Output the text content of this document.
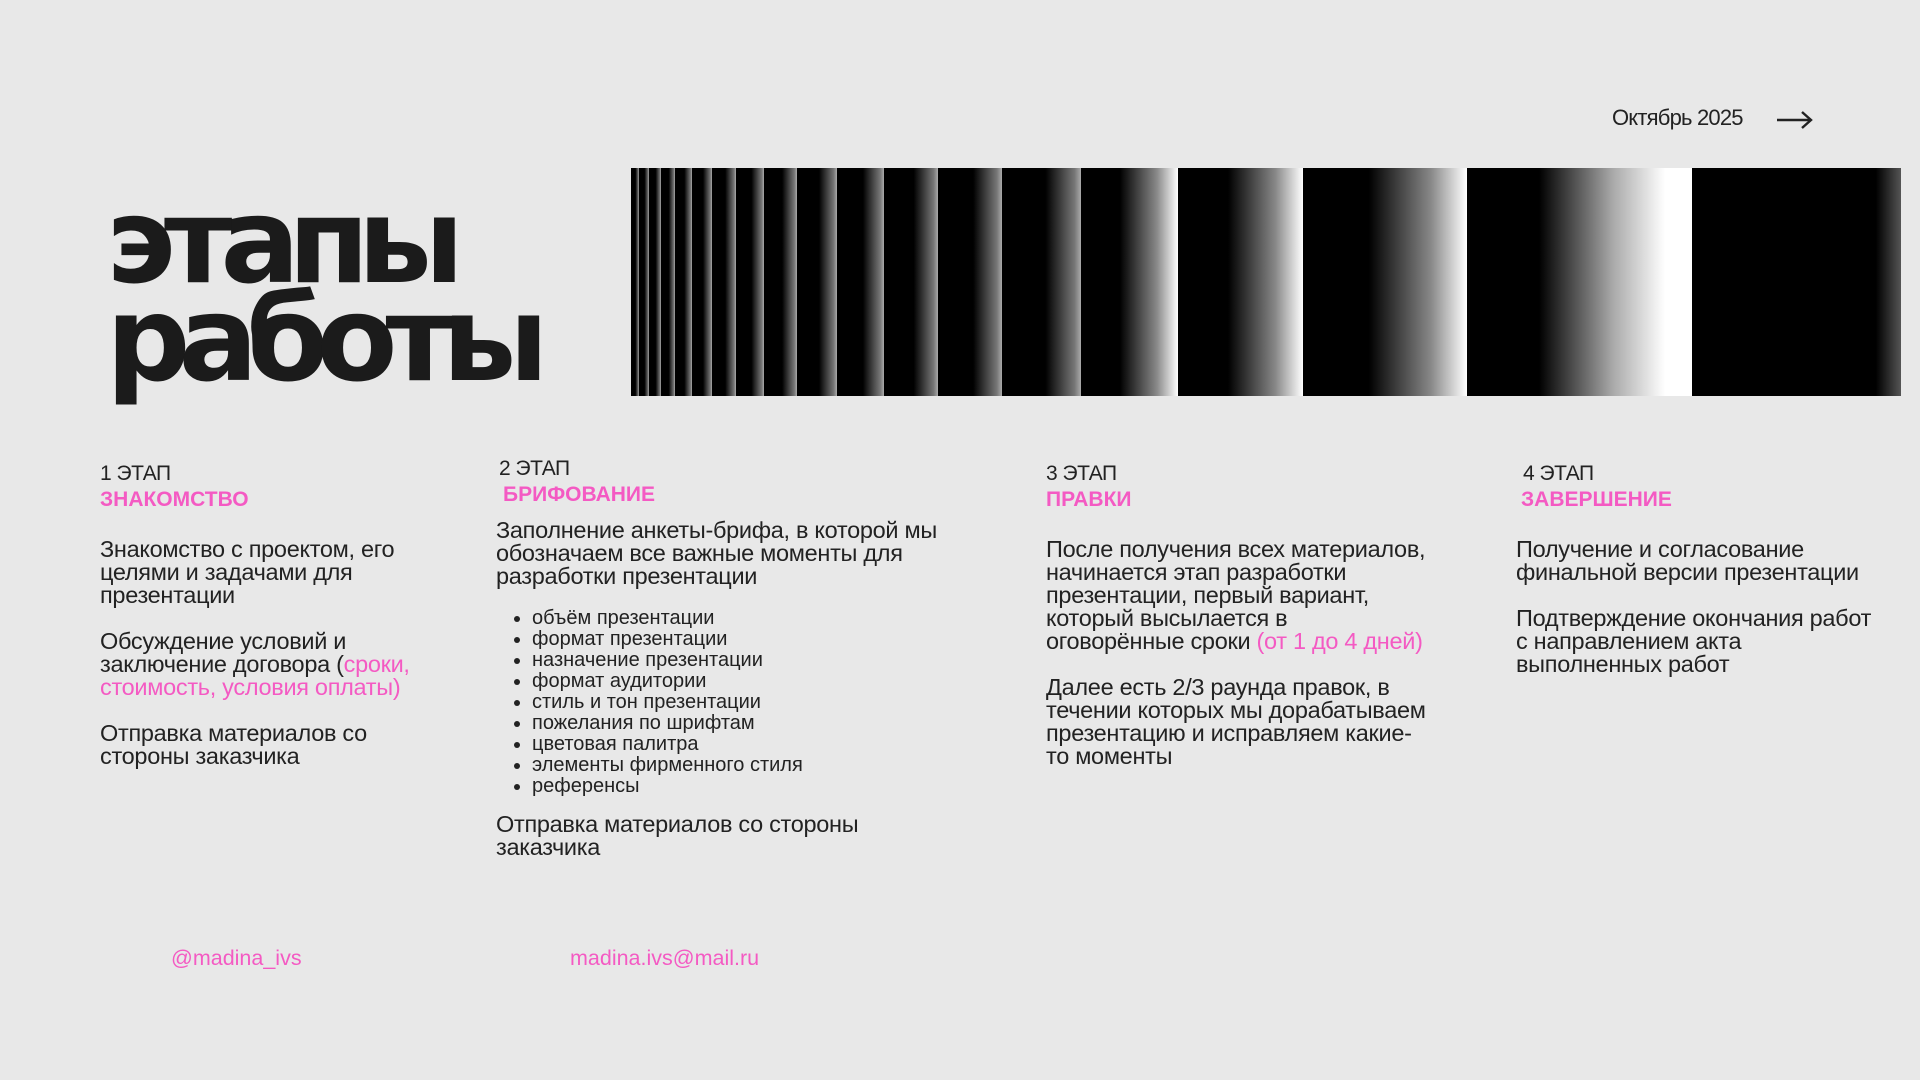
Октябрь 2025
этапы
работы
1 ЭТАП
ЗНАКОМСТВО

Знакомство с проектом, его целями и задачами для презентации

Обсуждение условий и заключение договора (сроки, стоимость, условия оплаты)

Отправка материалов со стороны заказчика

2 ЭТАП
БРИФОВАНИЕ

Заполнение анкеты-брифа, в которой мы обозначаем все важные моменты для разработки презентации

• объём презентации
• формат презентации
• назначение презентации
• формат аудитории
• стиль и тон презентации
• пожелания по шрифтам
• цветовая палитра
• элементы фирменного стиля
• референсы

Отправка материалов со стороны заказчика

3 ЭТАП
ПРАВКИ

После получения всех материалов, начинается этап разработки презентации, первый вариант, который высылается в оговорённые сроки (от 1 до 4 дней)

Далее есть 2/3 раунда правок, в течении которых мы дорабатываем презентацию и исправляем какие-то моменты

4 ЭТАП
ЗАВЕРШЕНИЕ

Получение и согласование финальной версии презентации

Подтверждение окончания работ с направлением акта выполненных работ

@madina_ivs	madina.ivs@mail.ru
